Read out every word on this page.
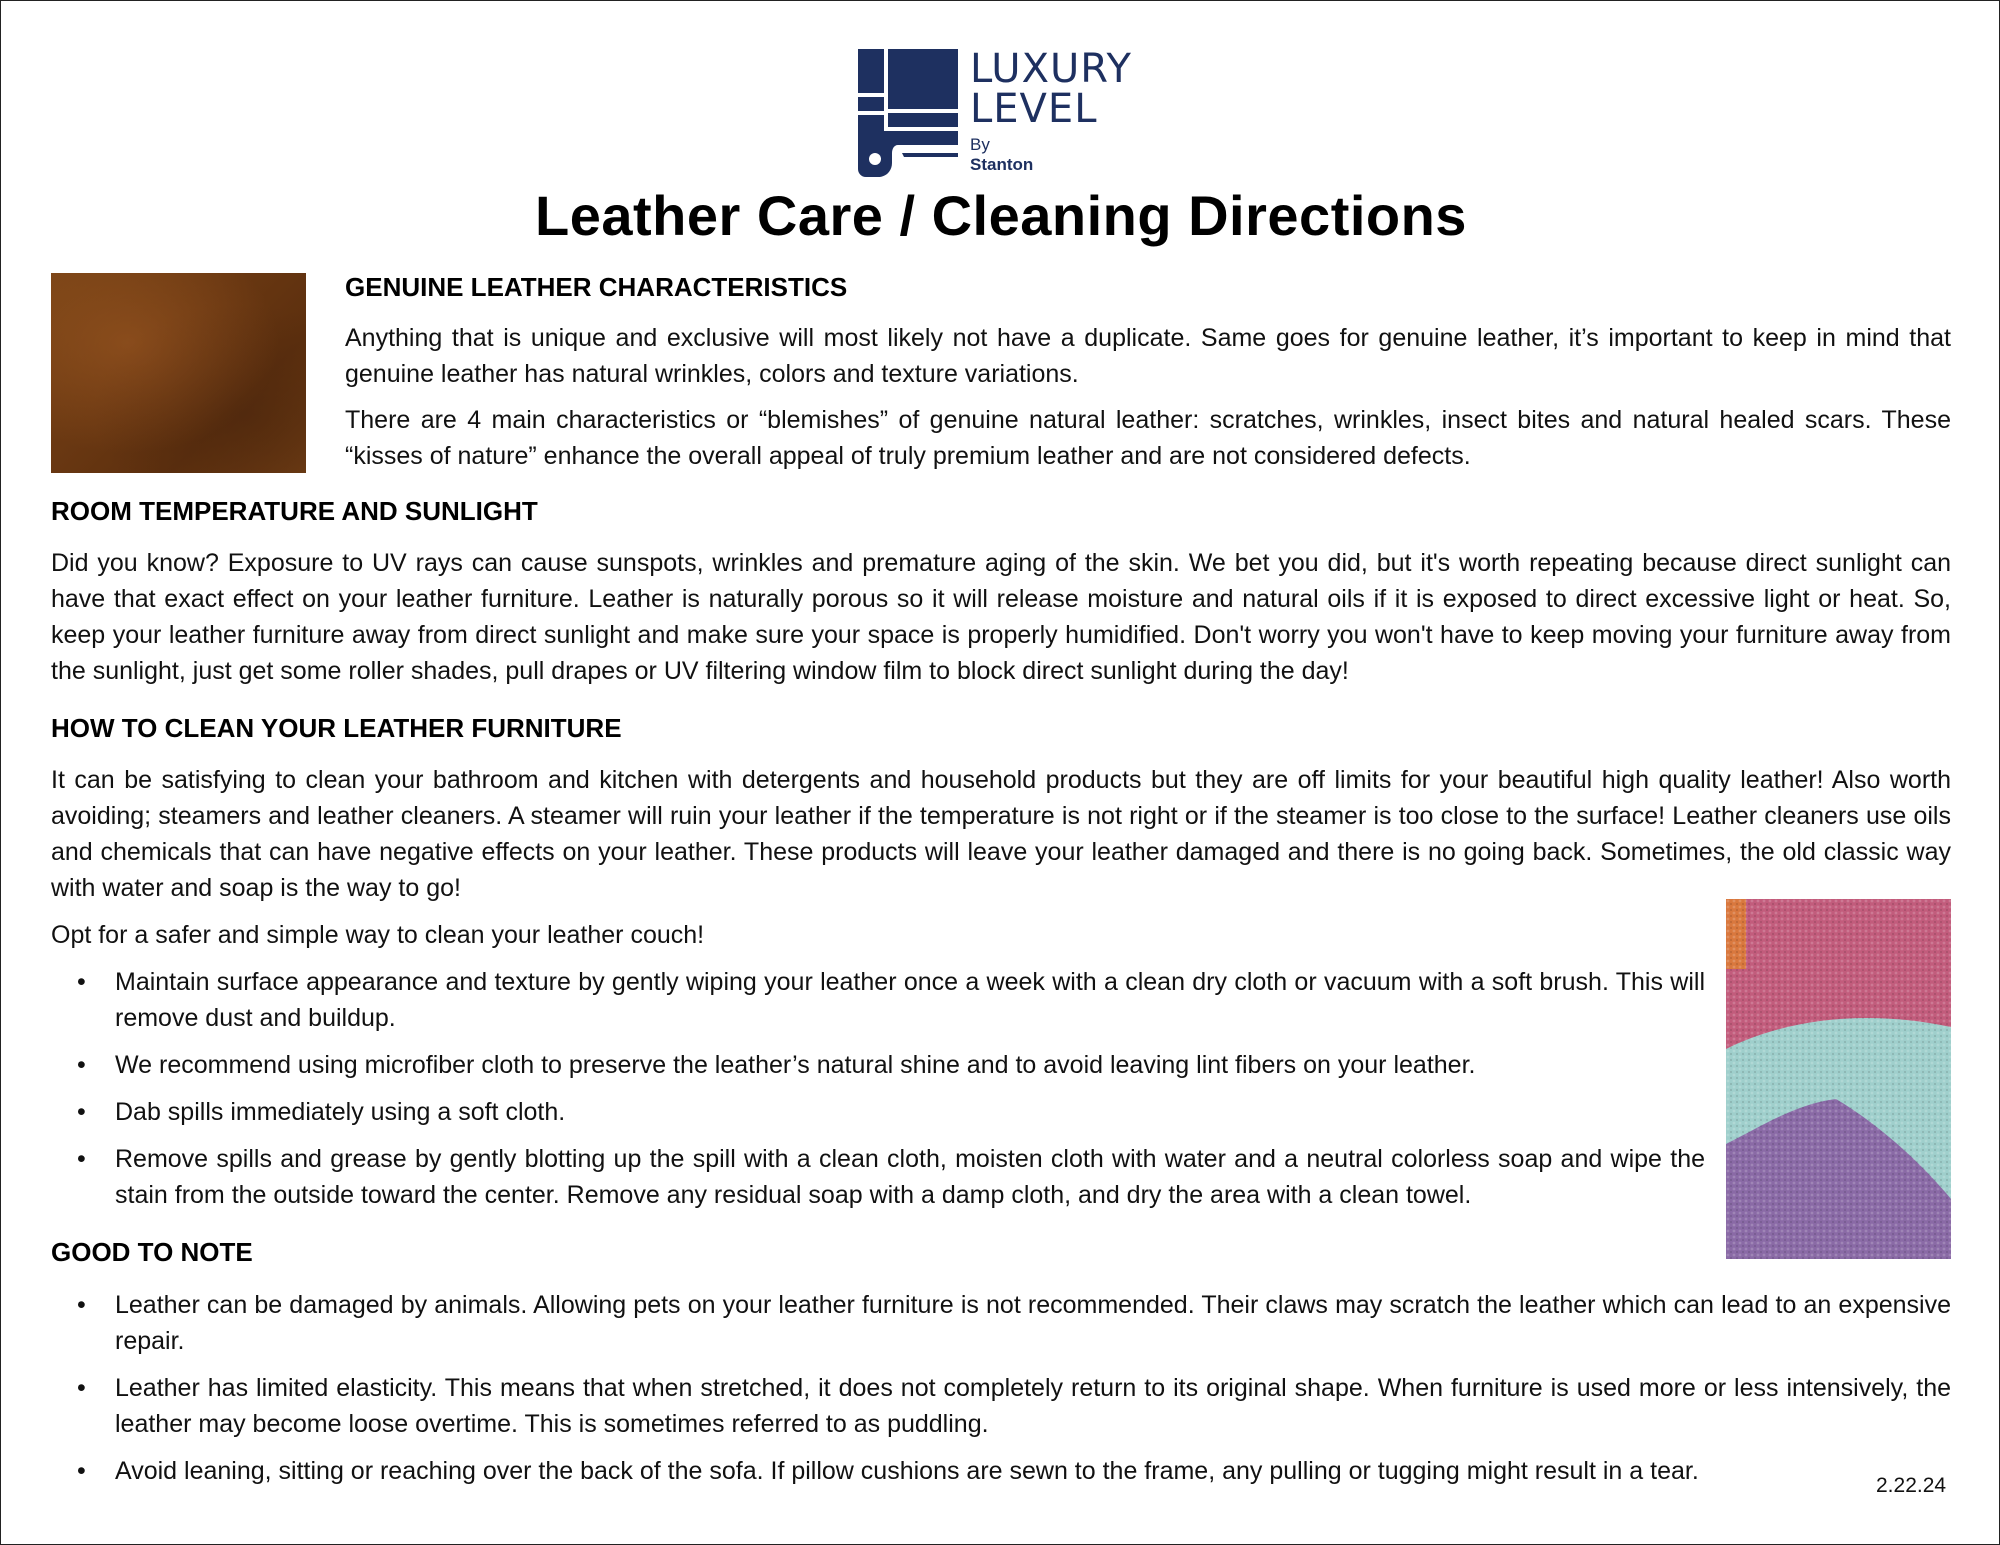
LUXURY
LEVEL
By
Stanton
Leather Care / Cleaning Directions
GENUINE LEATHER CHARACTERISTICS
Anything that is unique and exclusive will most likely not have a duplicate. Same goes for genuine leather, it’s important to keep in mind that genuine leather has natural wrinkles, colors and texture variations.
There are 4 main characteristics or “blemishes” of genuine natural leather: scratches, wrinkles, insect bites and natural healed scars. These “kisses of nature” enhance the overall appeal of truly premium leather and are not considered defects.
ROOM TEMPERATURE AND SUNLIGHT
Did you know? Exposure to UV rays can cause sunspots, wrinkles and premature aging of the skin. We bet you did, but it's worth repeating because direct sunlight can have that exact effect on your leather furniture. Leather is naturally porous so it will release moisture and natural oils if it is exposed to direct excessive light or heat. So, keep your leather furniture away from direct sunlight and make sure your space is properly humidified. Don't worry you won't have to keep moving your furniture away from the sunlight, just get some roller shades, pull drapes or UV filtering window film to block direct sunlight during the day!
HOW TO CLEAN YOUR LEATHER FURNITURE
It can be satisfying to clean your bathroom and kitchen with detergents and household products but they are off limits for your beautiful high quality leather! Also worth avoiding; steamers and leather cleaners. A steamer will ruin your leather if the temperature is not right or if the steamer is too close to the surface! Leather cleaners use oils and chemicals that can have negative effects on your leather. These products will leave your leather damaged and there is no going back. Sometimes, the old classic way with water and soap is the way to go!
Opt for a safer and simple way to clean your leather couch!
• Maintain surface appearance and texture by gently wiping your leather once a week with a clean dry cloth or vacuum with a soft brush. This will remove dust and buildup.
• We recommend using microfiber cloth to preserve the leather’s natural shine and to avoid leaving lint fibers on your leather.
• Dab spills immediately using a soft cloth.
• Remove spills and grease by gently blotting up the spill with a clean cloth, moisten cloth with water and a neutral colorless soap and wipe the stain from the outside toward the center. Remove any residual soap with a damp cloth, and dry the area with a clean towel.
GOOD TO NOTE
• Leather can be damaged by animals. Allowing pets on your leather furniture is not recommended. Their claws may scratch the leather which can lead to an expensive repair.
• Leather has limited elasticity. This means that when stretched, it does not completely return to its original shape. When furniture is used more or less intensively, the leather may become loose overtime. This is sometimes referred to as puddling.
• Avoid leaning, sitting or reaching over the back of the sofa. If pillow cushions are sewn to the frame, any pulling or tugging might result in a tear.
2.22.24
